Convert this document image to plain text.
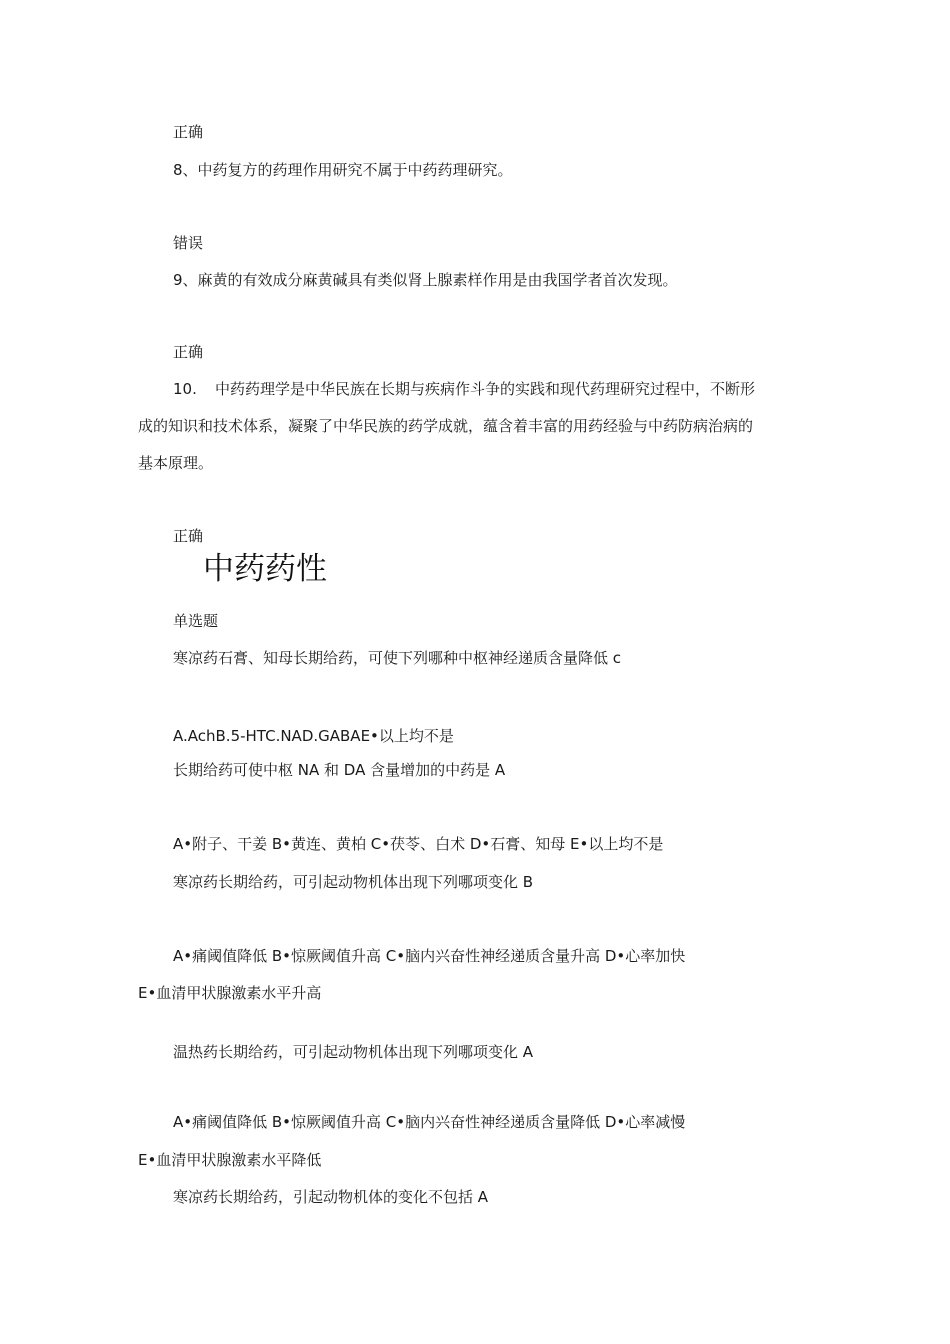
正确
8、中药复方的药理作用研究不属于中药药理研究。
错误
9、麻黄的有效成分麻黄碱具有类似肾上腺素样作用是由我国学者首次发现。
正确
10. 中药药理学是中华民族在长期与疾病作斗争的实践和现代药理研究过程中，不断形
成的知识和技术体系，凝聚了中华民族的药学成就，蕴含着丰富的用药经验与中药防病治病的
基本原理。
正确
中药药性
单选题
寒凉药石膏、知母长期给药，可使下列哪种中枢神经递质含量降低 c
A.AchB.5-HTC.NAD.GABAE•以上均不是
长期给药可使中枢 NA 和 DA 含量增加的中药是 A
A•附子、干姜 B•黄连、黄柏 C•茯苓、白术 D•石膏、知母 E•以上均不是
寒凉药长期给药，可引起动物机体出现下列哪项变化 B
A•痛阈值降低 B•惊厥阈值升高 C•脑内兴奋性神经递质含量升高 D•心率加快
E•血清甲状腺激素水平升高
温热药长期给药，可引起动物机体出现下列哪项变化 A
A•痛阈值降低 B•惊厥阈值升高 C•脑内兴奋性神经递质含量降低 D•心率减慢
E•血清甲状腺激素水平降低
寒凉药长期给药，引起动物机体的变化不包括 A
